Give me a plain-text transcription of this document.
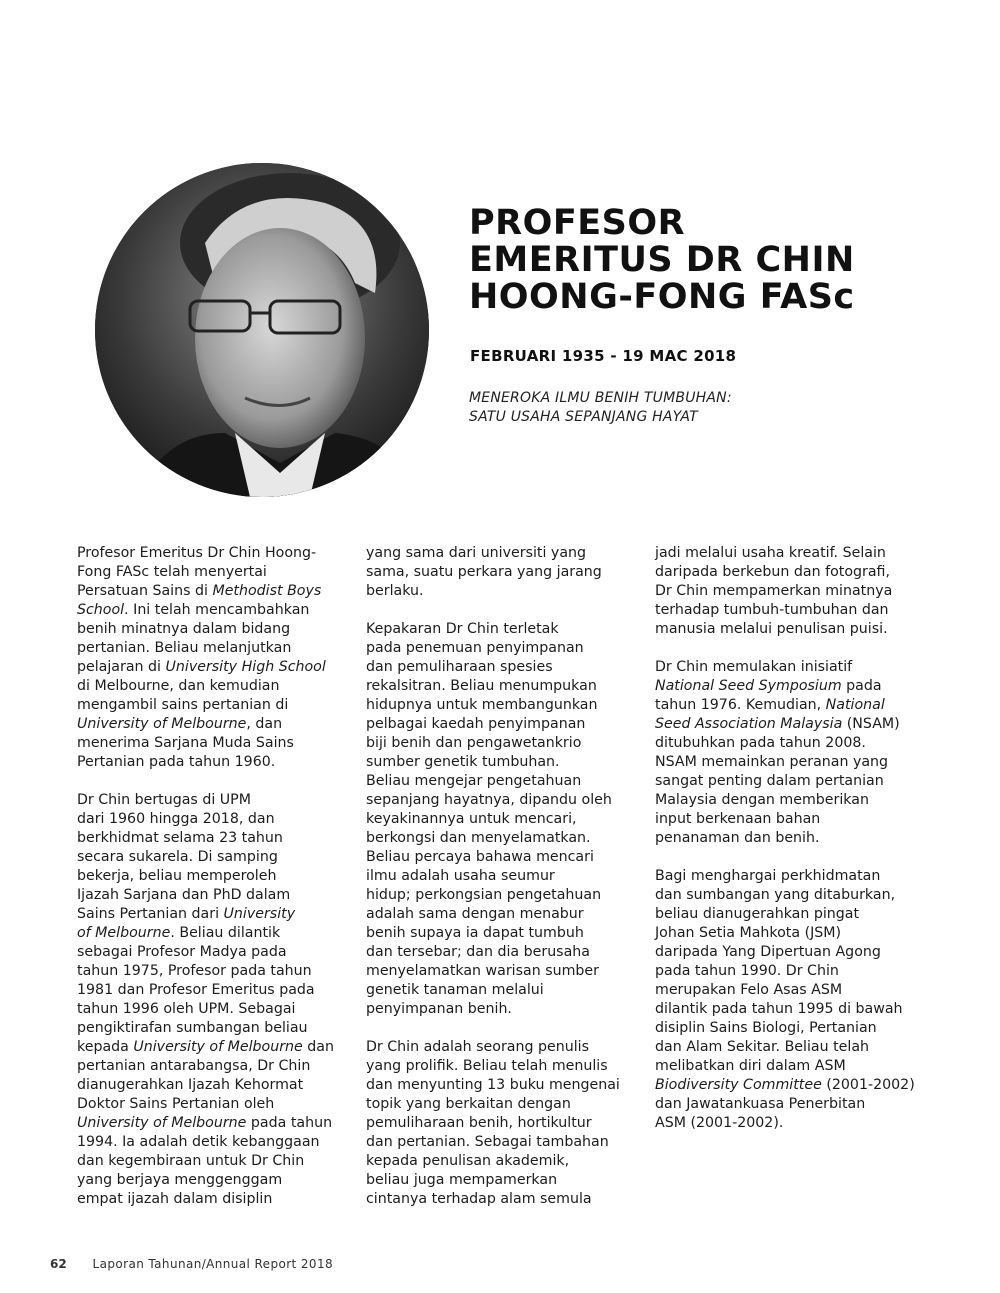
PROFESOR
EMERITUS DR CHIN
HOONG-FONG FASc
FEBRUARI 1935 - 19 MAC 2018
MENEROKA ILMU BENIH TUMBUHAN:
SATU USAHA SEPANJANG HAYAT

Profesor Emeritus Dr Chin Hoong-
Fong FASc telah menyertai
Persatuan Sains di Methodist Boys
School. Ini telah mencambahkan
benih minatnya dalam bidang
pertanian. Beliau melanjutkan
pelajaran di University High School
di Melbourne, dan kemudian
mengambil sains pertanian di
University of Melbourne, dan
menerima Sarjana Muda Sains
Pertanian pada tahun 1960.

Dr Chin bertugas di UPM
dari 1960 hingga 2018, dan
berkhidmat selama 23 tahun
secara sukarela. Di samping
bekerja, beliau memperoleh
Ijazah Sarjana dan PhD dalam
Sains Pertanian dari University
of Melbourne. Beliau dilantik
sebagai Profesor Madya pada
tahun 1975, Profesor pada tahun
1981 dan Profesor Emeritus pada
tahun 1996 oleh UPM. Sebagai
pengiktirafan sumbangan beliau
kepada University of Melbourne dan
pertanian antarabangsa, Dr Chin
dianugerahkan Ijazah Kehormat
Doktor Sains Pertanian oleh
University of Melbourne pada tahun
1994. Ia adalah detik kebanggaan
dan kegembiraan untuk Dr Chin
yang berjaya menggenggam
empat ijazah dalam disiplin

yang sama dari universiti yang
sama, suatu perkara yang jarang
berlaku.

Kepakaran Dr Chin terletak
pada penemuan penyimpanan
dan pemuliharaan spesies
rekalsitran. Beliau menumpukan
hidupnya untuk membangunkan
pelbagai kaedah penyimpanan
biji benih dan pengawetankrio
sumber genetik tumbuhan.
Beliau mengejar pengetahuan
sepanjang hayatnya, dipandu oleh
keyakinannya untuk mencari,
berkongsi dan menyelamatkan.
Beliau percaya bahawa mencari
ilmu adalah usaha seumur
hidup; perkongsian pengetahuan
adalah sama dengan menabur
benih supaya ia dapat tumbuh
dan tersebar; dan dia berusaha
menyelamatkan warisan sumber
genetik tanaman melalui
penyimpanan benih.

Dr Chin adalah seorang penulis
yang prolifik. Beliau telah menulis
dan menyunting 13 buku mengenai
topik yang berkaitan dengan
pemuliharaan benih, hortikultur
dan pertanian. Sebagai tambahan
kepada penulisan akademik,
beliau juga mempamerkan
cintanya terhadap alam semula

jadi melalui usaha kreatif. Selain
daripada berkebun dan fotografi,
Dr Chin mempamerkan minatnya
terhadap tumbuh-tumbuhan dan
manusia melalui penulisan puisi.

Dr Chin memulakan inisiatif
National Seed Symposium pada
tahun 1976. Kemudian, National
Seed Association Malaysia (NSAM)
ditubuhkan pada tahun 2008.
NSAM memainkan peranan yang
sangat penting dalam pertanian
Malaysia dengan memberikan
input berkenaan bahan
penanaman dan benih.

Bagi menghargai perkhidmatan
dan sumbangan yang ditaburkan,
beliau dianugerahkan pingat
Johan Setia Mahkota (JSM)
daripada Yang Dipertuan Agong
pada tahun 1990. Dr Chin
merupakan Felo Asas ASM
dilantik pada tahun 1995 di bawah
disiplin Sains Biologi, Pertanian
dan Alam Sekitar. Beliau telah
melibatkan diri dalam ASM
Biodiversity Committee (2001-2002)
dan Jawatankuasa Penerbitan
ASM (2001-2002).

62 Laporan Tahunan/Annual Report 2018
